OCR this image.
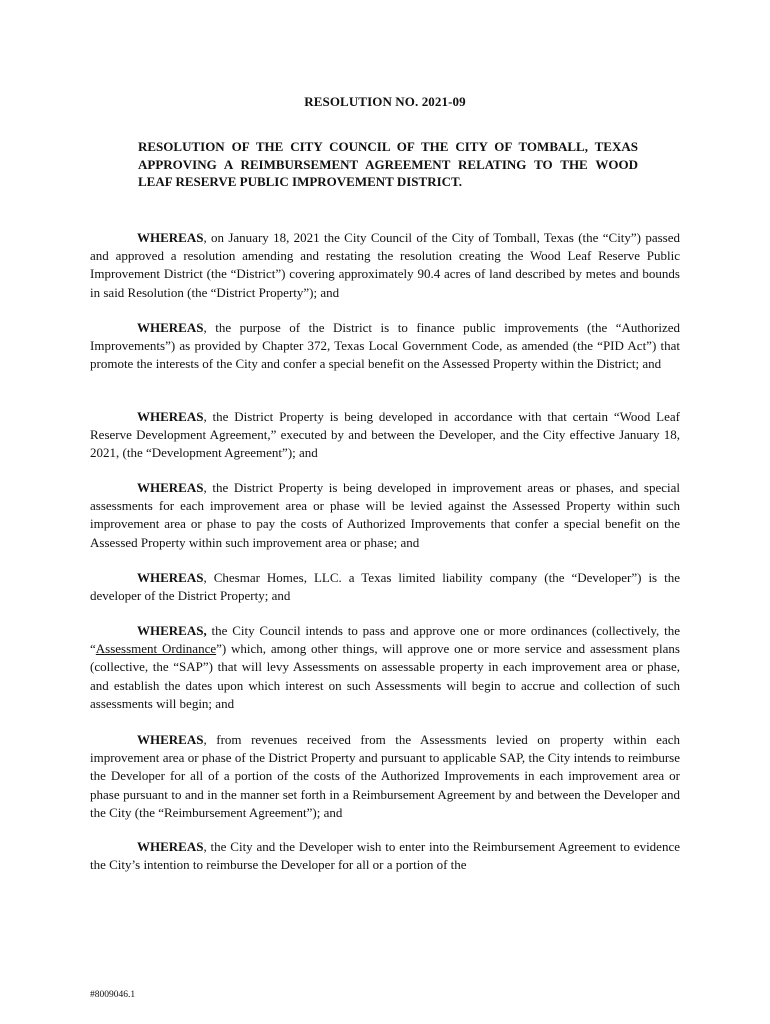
RESOLUTION NO. 2021-09
RESOLUTION OF THE CITY COUNCIL OF THE CITY OF TOMBALL, TEXAS APPROVING A REIMBURSEMENT AGREEMENT RELATING TO THE WOOD LEAF RESERVE PUBLIC IMPROVEMENT DISTRICT.

WHEREAS, on January 18, 2021 the City Council of the City of Tomball, Texas (the “City”) passed and approved a resolution amending and restating the resolution creating the Wood Leaf Reserve Public Improvement District (the “District”) covering approximately 90.4 acres of land described by metes and bounds in said Resolution (the “District Property”); and

WHEREAS, the purpose of the District is to finance public improvements (the “Authorized Improvements”) as provided by Chapter 372, Texas Local Government Code, as amended (the “PID Act”) that promote the interests of the City and confer a special benefit on the Assessed Property within the District; and

WHEREAS, the District Property is being developed in accordance with that certain “Wood Leaf Reserve Development Agreement,” executed by and between the Developer, and the City effective January 18, 2021, (the “Development Agreement”); and

WHEREAS, the District Property is being developed in improvement areas or phases, and special assessments for each improvement area or phase will be levied against the Assessed Property within such improvement area or phase to pay the costs of Authorized Improvements that confer a special benefit on the Assessed Property within such improvement area or phase; and

WHEREAS, Chesmar Homes, LLC. a Texas limited liability company (the “Developer”) is the developer of the District Property; and

WHEREAS, the City Council intends to pass and approve one or more ordinances (collectively, the “Assessment Ordinance”) which, among other things, will approve one or more service and assessment plans (collective, the “SAP”) that will levy Assessments on assessable property in each improvement area or phase, and establish the dates upon which interest on such Assessments will begin to accrue and collection of such assessments will begin; and

WHEREAS, from revenues received from the Assessments levied on property within each improvement area or phase of the District Property and pursuant to applicable SAP, the City intends to reimburse the Developer for all of a portion of the costs of the Authorized Improvements in each improvement area or phase pursuant to and in the manner set forth in a Reimbursement Agreement by and between the Developer and the City (the “Reimbursement Agreement”); and

WHEREAS, the City and the Developer wish to enter into the Reimbursement Agreement to evidence the City’s intention to reimburse the Developer for all or a portion of the

#8009046.1
